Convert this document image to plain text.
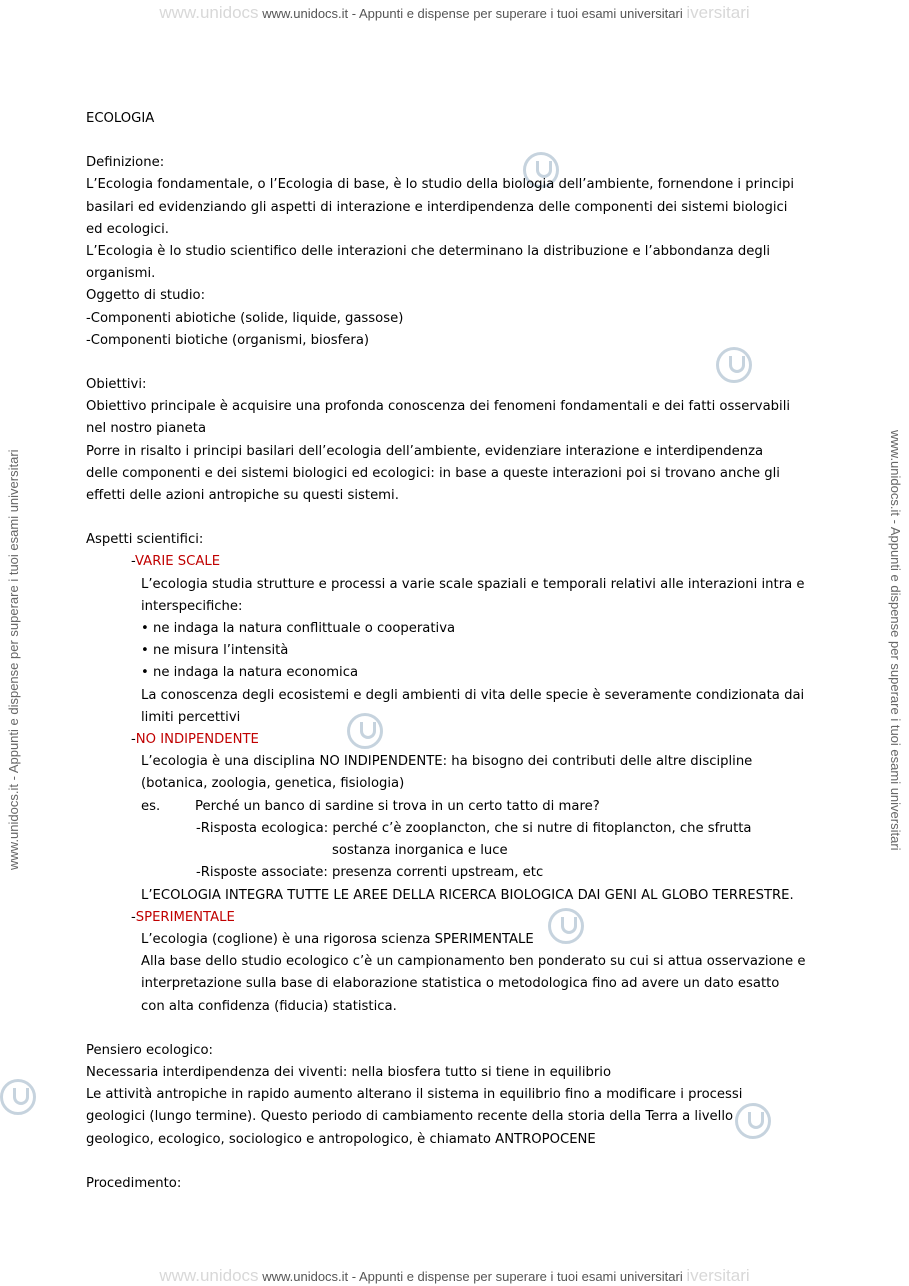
www.unidocs www.unidocs.it - Appunti e dispense per superare i tuoi esami universitari iversitari
www.unidocs www.unidocs.it - Appunti e dispense per superare i tuoi esami universitari iversitari
www.unidocs.it - Appunti e dispense per superare i tuoi esami universitari	www.unidocs.it - Appunti e dispense per superare i tuoi esami universitari

ECOLOGIA

Definizione:

L’Ecologia fondamentale, o l’Ecologia di base, è lo studio della biologia dell’ambiente, fornendone i principi

basilari ed evidenziando gli aspetti di interazione e interdipendenza delle componenti dei sistemi biologici

ed ecologici.

L’Ecologia è lo studio scientifico delle interazioni che determinano la distribuzione e l’abbondanza degli

organismi.

Oggetto di studio:

-Componenti abiotiche (solide, liquide, gassose)

-Componenti biotiche (organismi, biosfera)

Obiettivi:

Obiettivo principale è acquisire una profonda conoscenza dei fenomeni fondamentali e dei fatti osservabili

nel nostro pianeta

Porre in risalto i principi basilari dell’ecologia dell’ambiente, evidenziare interazione e interdipendenza

delle componenti e dei sistemi biologici ed ecologici: in base a queste interazioni poi si trovano anche gli

effetti delle azioni antropiche su questi sistemi.

Aspetti scientifici:

-VARIE SCALE

L’ecologia studia strutture e processi a varie scale spaziali e temporali relativi alle interazioni intra e

interspecifiche:

• ne indaga la natura conflittuale o cooperativa

• ne misura l’intensità

• ne indaga la natura economica

La conoscenza degli ecosistemi e degli ambienti di vita delle specie è severamente condizionata dai

limiti percettivi

-NO INDIPENDENTE

L’ecologia è una disciplina NO INDIPENDENTE: ha bisogno dei contributi delle altre discipline

(botanica, zoologia, genetica, fisiologia)

es.	Perché un banco di sardine si trova in un certo tatto di mare?

-Risposta ecologica: perché c’è zooplancton, che si nutre di fitoplancton, che sfrutta

sostanza inorganica e luce

-Risposte associate: presenza correnti upstream, etc

L’ECOLOGIA INTEGRA TUTTE LE AREE DELLA RICERCA BIOLOGICA DAI GENI AL GLOBO TERRESTRE.

-SPERIMENTALE

L’ecologia (coglione) è una rigorosa scienza SPERIMENTALE

Alla base dello studio ecologico c’è un campionamento ben ponderato su cui si attua osservazione e

interpretazione sulla base di elaborazione statistica o metodologica fino ad avere un dato esatto

con alta confidenza (fiducia) statistica.

Pensiero ecologico:

Necessaria interdipendenza dei viventi: nella biosfera tutto si tiene in equilibrio

Le attività antropiche in rapido aumento alterano il sistema in equilibrio fino a modificare i processi

geologici (lungo termine). Questo periodo di cambiamento recente della storia della Terra a livello

geologico, ecologico, sociologico e antropologico, è chiamato ANTROPOCENE

Procedimento:
